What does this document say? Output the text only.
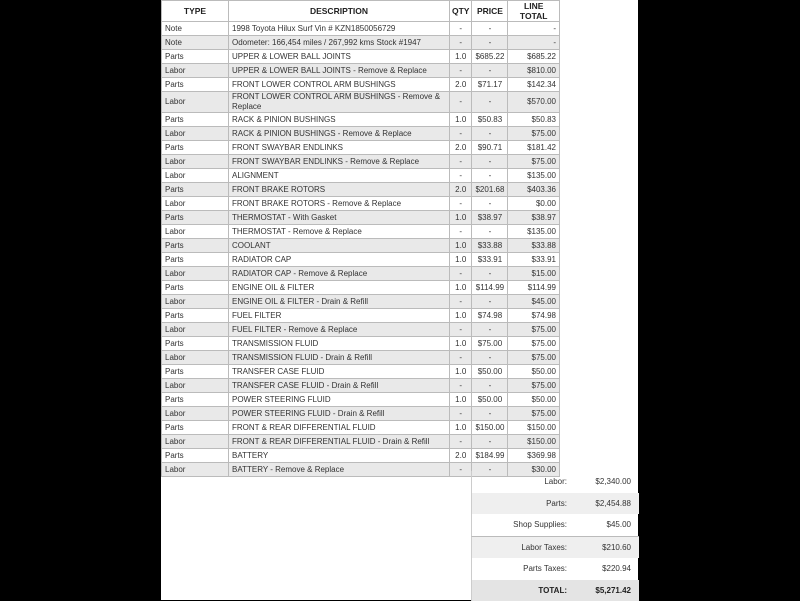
TYPE	DESCRIPTION	QTY	PRICE	LINE TOTAL
Note	1998 Toyota Hilux Surf Vin # KZN1850056729	-	-	-
Note	Odometer: 166,454 miles / 267,992 kms Stock #1947	-	-	-
Parts	UPPER & LOWER BALL JOINTS	1.0	$685.22	$685.22
Labor	UPPER & LOWER BALL JOINTS - Remove & Replace	-	-	$810.00
Parts	FRONT LOWER CONTROL ARM BUSHINGS	2.0	$71.17	$142.34
Labor	FRONT LOWER CONTROL ARM BUSHINGS - Remove & Replace	-	-	$570.00
Parts	RACK & PINION BUSHINGS	1.0	$50.83	$50.83
Labor	RACK & PINION BUSHINGS - Remove & Replace	-	-	$75.00
Parts	FRONT SWAYBAR ENDLINKS	2.0	$90.71	$181.42
Labor	FRONT SWAYBAR ENDLINKS - Remove & Replace	-	-	$75.00
Labor	ALIGNMENT	-	-	$135.00
Parts	FRONT BRAKE ROTORS	2.0	$201.68	$403.36
Labor	FRONT BRAKE ROTORS - Remove & Replace	-	-	$0.00
Parts	THERMOSTAT - With Gasket	1.0	$38.97	$38.97
Labor	THERMOSTAT - Remove & Replace	-	-	$135.00
Parts	COOLANT	1.0	$33.88	$33.88
Parts	RADIATOR CAP	1.0	$33.91	$33.91
Labor	RADIATOR CAP - Remove & Replace	-	-	$15.00
Parts	ENGINE OIL & FILTER	1.0	$114.99	$114.99
Labor	ENGINE OIL & FILTER - Drain & Refill	-	-	$45.00
Parts	FUEL FILTER	1.0	$74.98	$74.98
Labor	FUEL FILTER - Remove & Replace	-	-	$75.00
Parts	TRANSMISSION FLUID	1.0	$75.00	$75.00
Labor	TRANSMISSION FLUID - Drain & Refill	-	-	$75.00
Parts	TRANSFER CASE FLUID	1.0	$50.00	$50.00
Labor	TRANSFER CASE FLUID - Drain & Refill	-	-	$75.00
Parts	POWER STEERING FLUID	1.0	$50.00	$50.00
Labor	POWER STEERING FLUID - Drain & Refill	-	-	$75.00
Parts	FRONT & REAR DIFFERENTIAL FLUID	1.0	$150.00	$150.00
Labor	FRONT & REAR DIFFERENTIAL FLUID - Drain & Refill	-	-	$150.00
Parts	BATTERY	2.0	$184.99	$369.98
Labor	BATTERY - Remove & Replace	-	-	$30.00
Labor:	$2,340.00
Parts:	$2,454.88
Shop Supplies:	$45.00
Labor Taxes:	$210.60
Parts Taxes:	$220.94
TOTAL:	$5,271.42
